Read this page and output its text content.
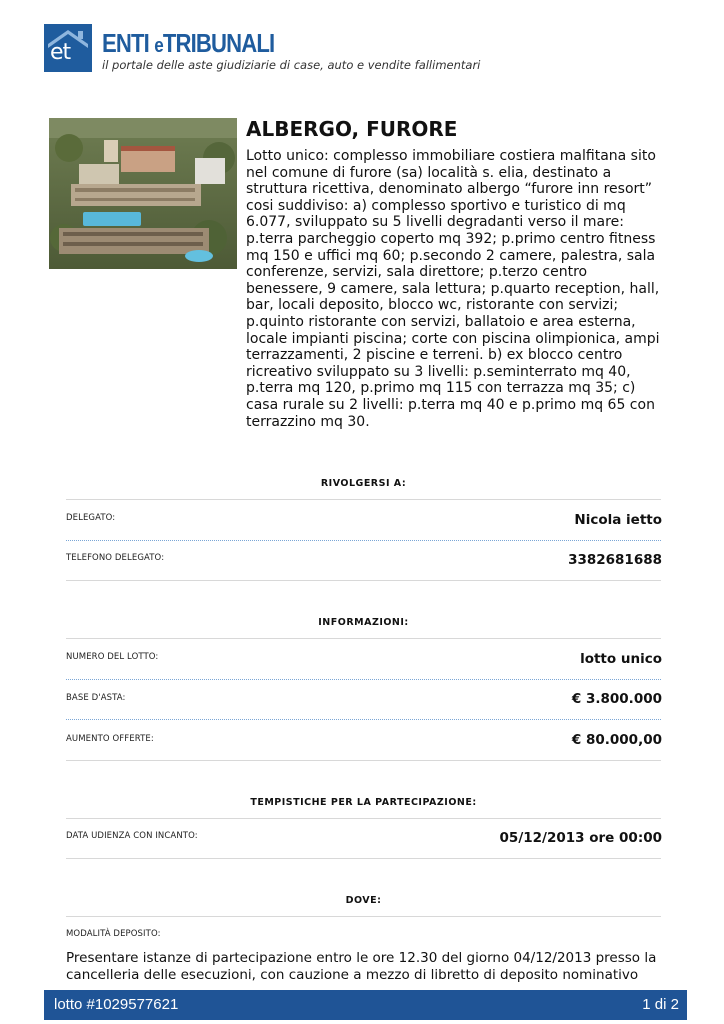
et ENTI eTRIBUNALI
il portale delle aste giudiziarie di case, auto e vendite fallimentari
ALBERGO, FURORE
Lotto unico: complesso immobiliare costiera malfitana sito nel comune di furore (sa) località s. elia, destinato a struttura ricettiva, denominato albergo “furore inn resort” cosi suddiviso: a) complesso sportivo e turistico di mq 6.077, sviluppato su 5 livelli degradanti verso il mare: p.terra parcheggio coperto mq 392; p.primo centro fitness mq 150 e uffici mq 60; p.secondo 2 camere, palestra, sala conferenze, servizi, sala direttore; p.terzo centro benessere, 9 camere, sala lettura; p.quarto reception, hall, bar, locali deposito, blocco wc, ristorante con servizi; p.quinto ristorante con servizi, ballatoio e area esterna, locale impianti piscina; corte con piscina olimpionica, ampi terrazzamenti, 2 piscine e terreni. b) ex blocco centro ricreativo sviluppato su 3 livelli: p.seminterrato mq 40, p.terra mq 120, p.primo mq 115 con terrazza mq 35; c) casa rurale su 2 livelli: p.terra mq 40 e p.primo mq 65 con terrazzino mq 30.
RIVOLGERSI A:
DELEGATO:	Nicola ietto
TELEFONO DELEGATO:	3382681688
INFORMAZIONI:
NUMERO DEL LOTTO:	lotto unico
BASE D'ASTA:	€ 3.800.000
AUMENTO OFFERTE:	€ 80.000,00
TEMPISTICHE PER LA PARTECIPAZIONE:
DATA UDIENZA CON INCANTO:	05/12/2013 ore 00:00
DOVE:
MODALITÀ DEPOSITO:
Presentare istanze di partecipazione entro le ore 12.30 del giorno 04/12/2013 presso la cancelleria delle esecuzioni, con cauzione a mezzo di libretto di deposito nominativo
lotto #1029577621	1 di 2
